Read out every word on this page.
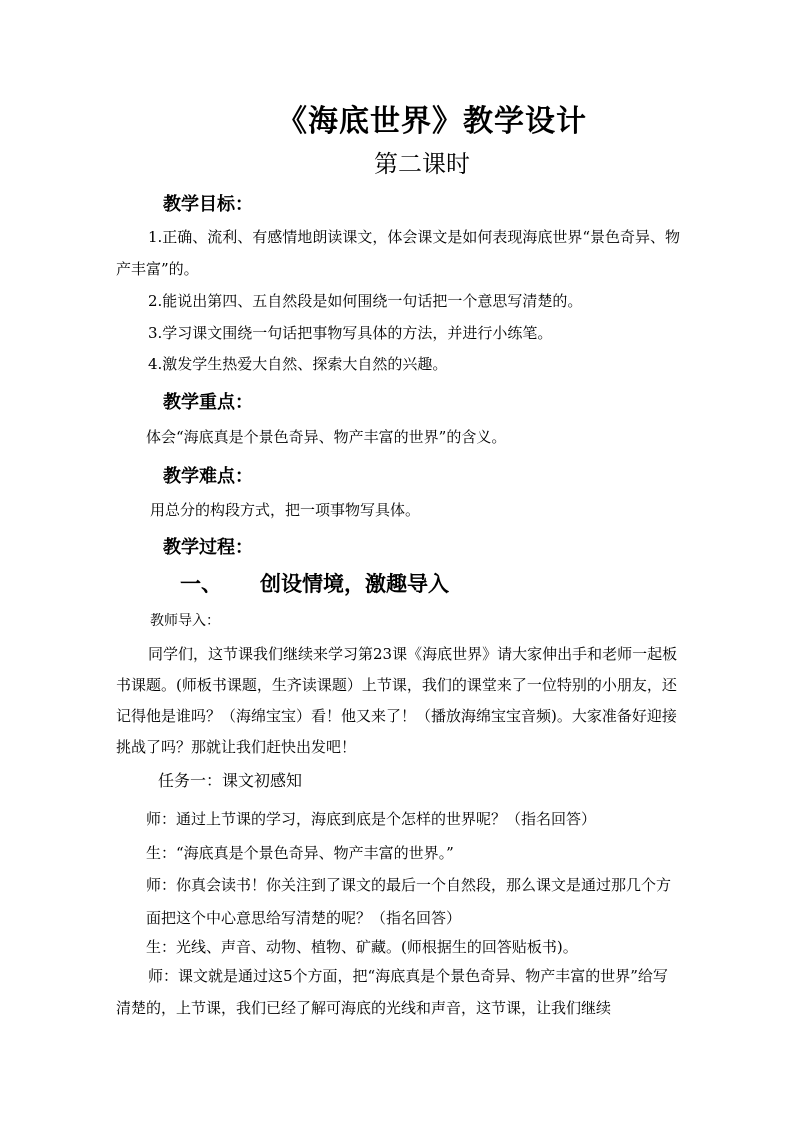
《海底世界》教学设计
第二课时
教学目标：
1.正确、流利、有感情地朗读课文，体会课文是如何表现海底世界“景色奇异、物产丰富”的。
2.能说出第四、五自然段是如何围绕一句话把一个意思写清楚的。
3.学习课文围绕一句话把事物写具体的方法，并进行小练笔。
4.激发学生热爱大自然、探索大自然的兴趣。
教学重点：
体会“海底真是个景色奇异、物产丰富的世界”的含义。
教学难点：
用总分的构段方式，把一项事物写具体。
教学过程：
一、 创设情境，激趣导入
教师导入：
同学们，这节课我们继续来学习第23课《海底世界》请大家伸出手和老师一起板书课题。(师板书课题，生齐读课题）上节课，我们的课堂来了一位特别的小朋友，还记得他是谁吗？（海绵宝宝）看！他又来了！（播放海绵宝宝音频)。大家准备好迎接挑战了吗？那就让我们赶快出发吧！
任务一：课文初感知
师：通过上节课的学习，海底到底是个怎样的世界呢？（指名回答）
生：“海底真是个景色奇异、物产丰富的世界。”
师：你真会读书！你关注到了课文的最后一个自然段，那么课文是通过那几个方面把这个中心意思给写清楚的呢？（指名回答）
生：光线、声音、动物、植物、矿藏。(师根据生的回答贴板书)。
师：课文就是通过这5个方面，把“海底真是个景色奇异、物产丰富的世界”给写清楚的，上节课，我们已经了解可海底的光线和声音，这节课，让我们继续
